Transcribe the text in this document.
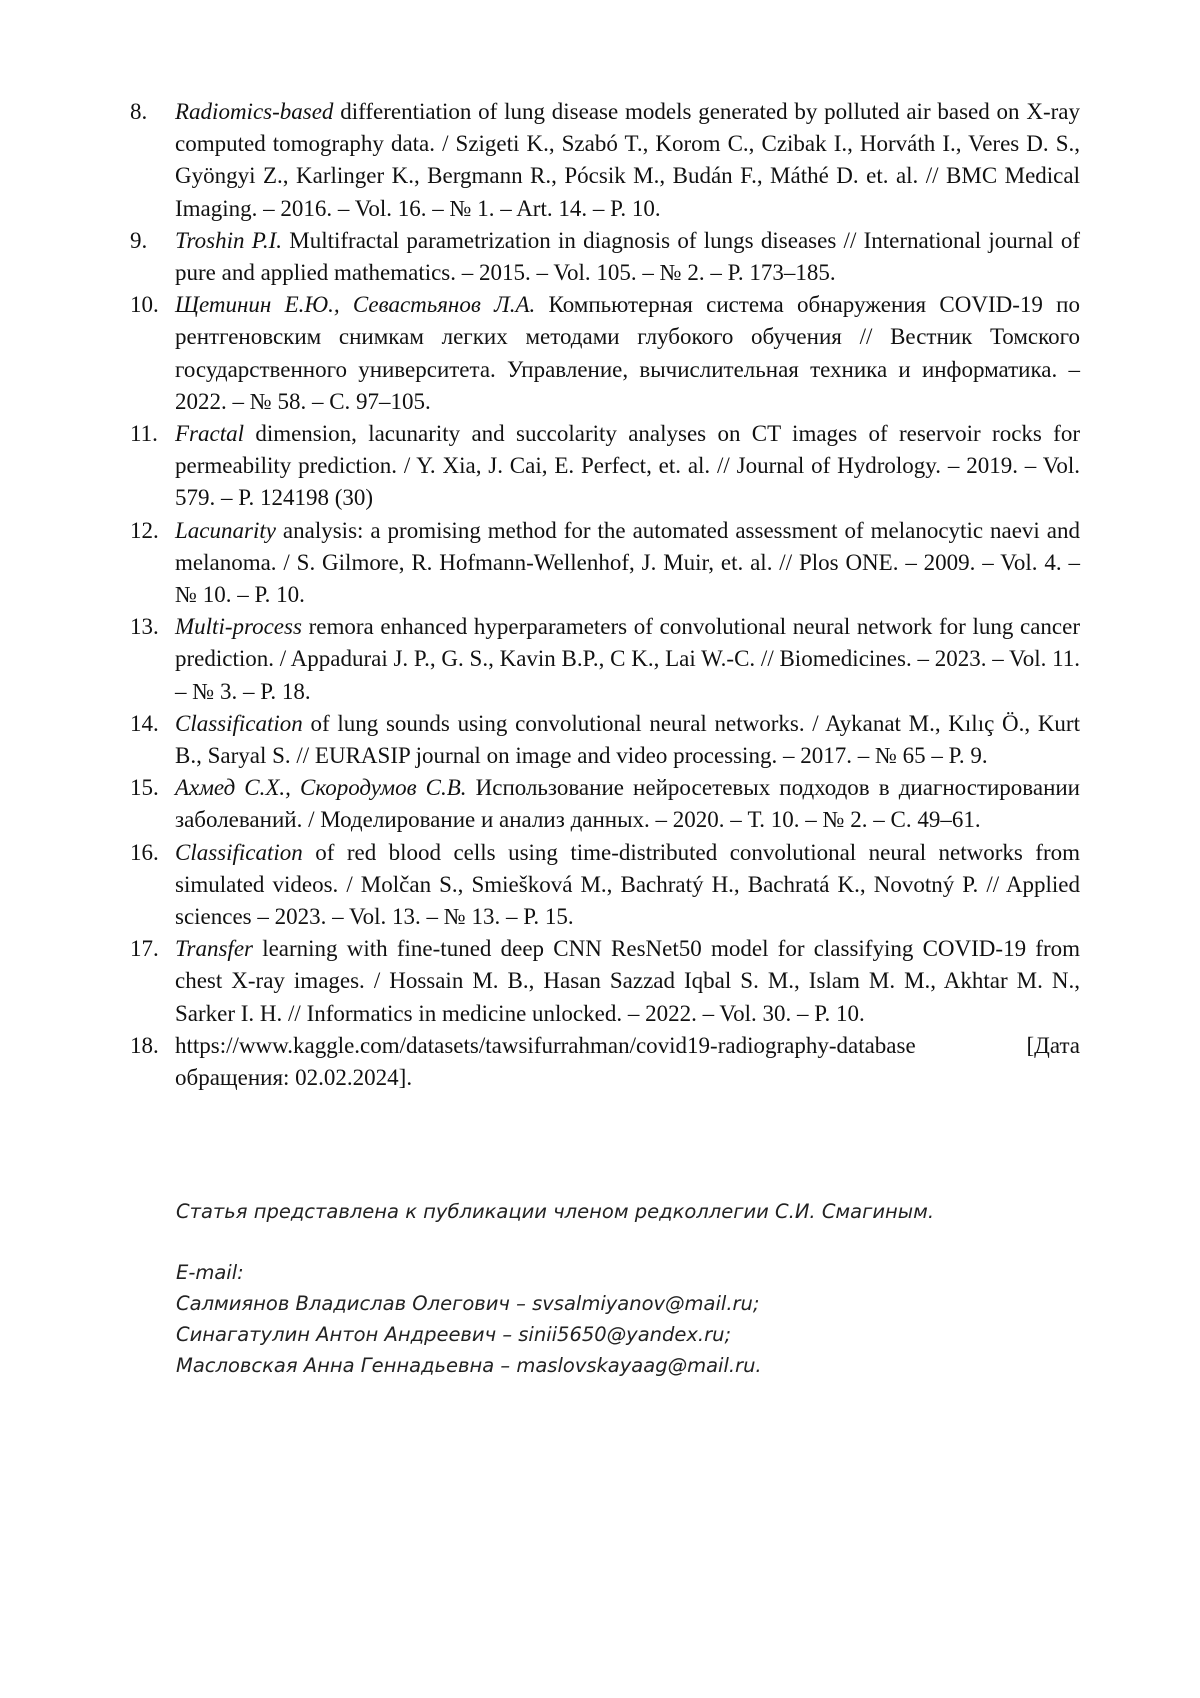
8. Radiomics-based differentiation of lung disease models generated by polluted air based on X-ray computed tomography data. / Szigeti K., Szabó T., Korom C., Czibak I., Horváth I., Veres D. S., Gyöngyi Z., Karlinger K., Bergmann R., Pócsik M., Budán F., Máthé D. et. al. // BMC Medical Imaging. – 2016. – Vol. 16. – № 1. – Art. 14. – P. 10.
9. Troshin P.I. Multifractal parametrization in diagnosis of lungs diseases // International journal of pure and applied mathematics. – 2015. – Vol. 105. – № 2. – P. 173–185.
10. Щетинин Е.Ю., Севастьянов Л.А. Компьютерная система обнаружения COVID-19 по рентгеновским снимкам легких методами глубокого обучения // Вестник Томского государственного университета. Управление, вычислительная техника и информатика. – 2022. – № 58. – С. 97–105.
11. Fractal dimension, lacunarity and succolarity analyses on CT images of reservoir rocks for permeability prediction. / Y. Xia, J. Cai, E. Perfect, et. al. // Journal of Hydrology. – 2019. – Vol. 579. – P. 124198 (30)
12. Lacunarity analysis: a promising method for the automated assessment of melanocytic naevi and melanoma. / S. Gilmore, R. Hofmann-Wellenhof, J. Muir, et. al. // Plos ONE. – 2009. – Vol. 4. – № 10. – P. 10.
13. Multi-process remora enhanced hyperparameters of convolutional neural network for lung cancer prediction. / Appadurai J. P., G. S., Kavin B.P., C K., Lai W.-C. // Biomedicines. – 2023. – Vol. 11. – № 3. – P. 18.
14. Classification of lung sounds using convolutional neural networks. / Aykanat M., Kılıç Ö., Kurt B., Saryal S. // EURASIP journal on image and video processing. – 2017. – № 65 – P. 9.
15. Ахмед С.Х., Скородумов С.В. Использование нейросетевых подходов в диагностировании заболеваний. / Моделирование и анализ данных. – 2020. – Т. 10. – № 2. – С. 49–61.
16. Classification of red blood cells using time-distributed convolutional neural networks from simulated videos. / Molčan S., Smiešková M., Bachratý H., Bachratá K., Novotný P. // Applied sciences – 2023. – Vol. 13. – № 13. – P. 15.
17. Transfer learning with fine-tuned deep CNN ResNet50 model for classifying COVID-19 from chest X-ray images. / Hossain M. B., Hasan Sazzad Iqbal S. M., Islam M. M., Akhtar M. N., Sarker I. H. // Informatics in medicine unlocked. – 2022. – Vol. 30. – P. 10.
18. https://www.kaggle.com/datasets/tawsifurrahman/covid19-radiography-database [Дата обращения: 02.02.2024].
Статья представлена к публикации членом редколлегии С.И. Смагиным.
E-mail:
Салмиянов Владислав Олегович – svsalmiyanov@mail.ru;
Синагатулин Антон Андреевич – sinii5650@yandex.ru;
Масловская Анна Геннадьевна – maslovskayaag@mail.ru.
